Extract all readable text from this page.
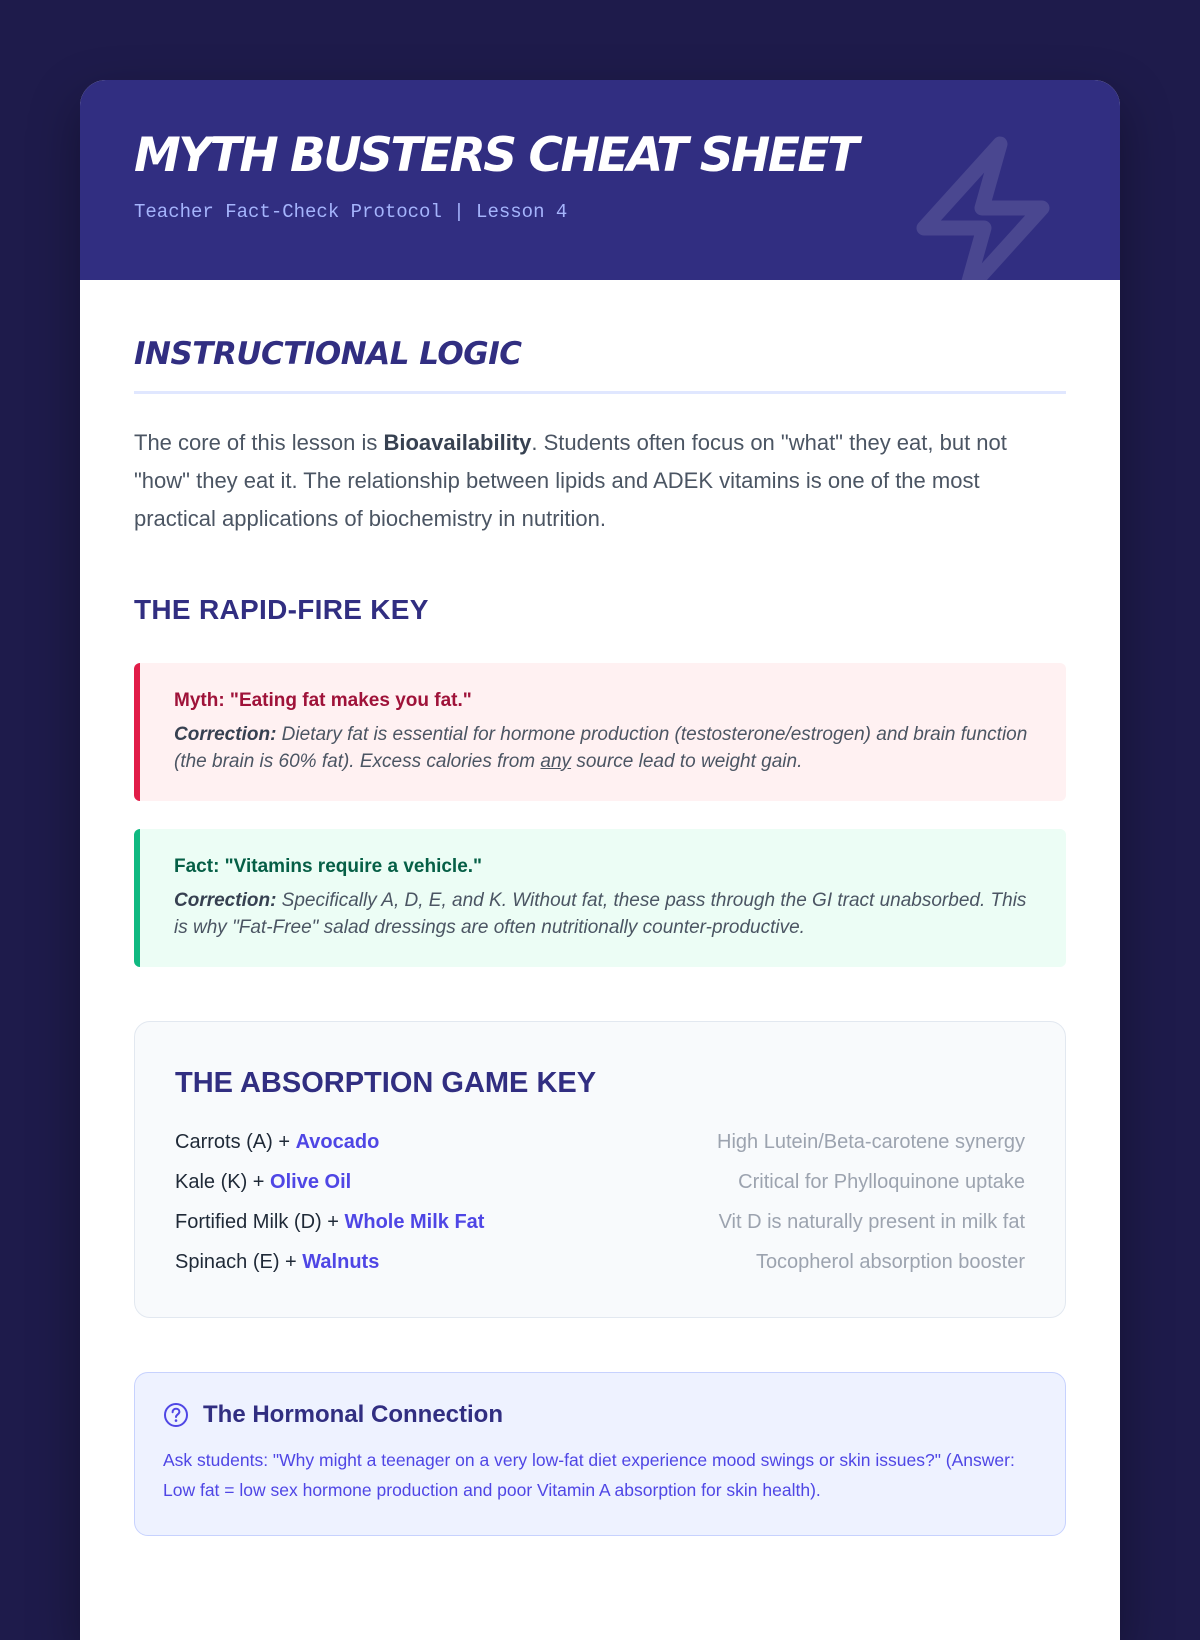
MYTH BUSTERS CHEAT SHEET
Teacher Fact-Check Protocol | Lesson 4
INSTRUCTIONAL LOGIC

The core of this lesson is Bioavailability. Students often focus on "what" they eat, but not "how" they eat it. The relationship between lipids and ADEK vitamins is one of the most practical applications of biochemistry in nutrition.

THE RAPID-FIRE KEY
Myth: "Eating fat makes you fat."
Correction: Dietary fat is essential for hormone production (testosterone/estrogen) and brain function (the brain is 60% fat). Excess calories from any source lead to weight gain.
Fact: "Vitamins require a vehicle."
Correction: Specifically A, D, E, and K. Without fat, these pass through the GI tract unabsorbed. This is why "Fat-Free" salad dressings are often nutritionally counter-productive.
THE ABSORPTION GAME KEY
Carrots (A) + Avocado	High Lutein/Beta-carotene synergy
Kale (K) + Olive Oil	Critical for Phylloquinone uptake
Fortified Milk (D) + Whole Milk Fat	Vit D is naturally present in milk fat
Spinach (E) + Walnuts	Tocopherol absorption booster
The Hormonal Connection
Ask students: "Why might a teenager on a very low-fat diet experience mood swings or skin issues?" (Answer: Low fat = low sex hormone production and poor Vitamin A absorption for skin health).
